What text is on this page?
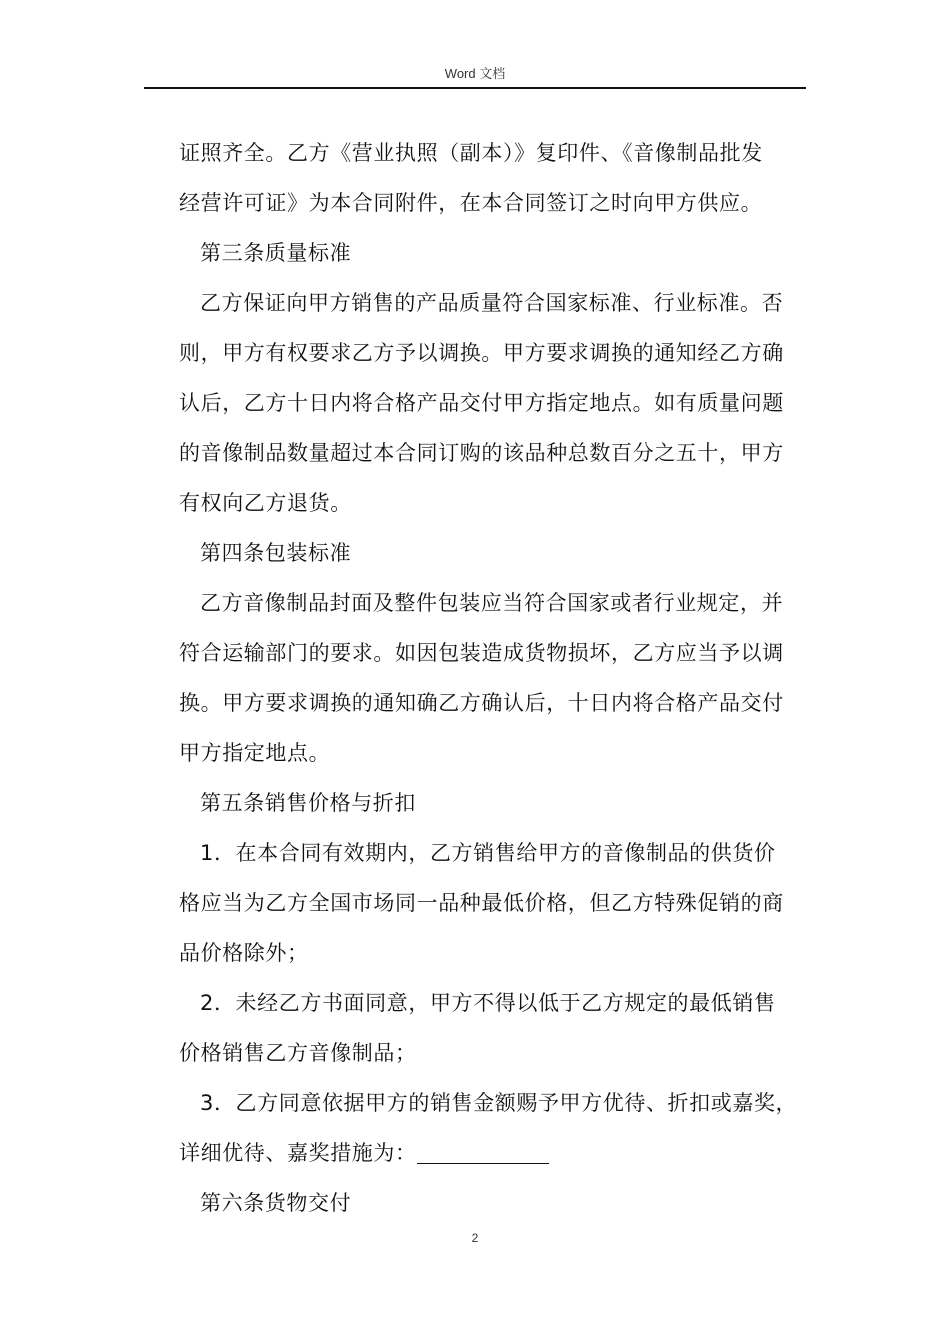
Word 文档

证照齐全。乙方《营业执照（副本）》复印件、《音像制品批发

经营许可证》为本合同附件，在本合同签订之时向甲方供应。

第三条质量标准

乙方保证向甲方销售的产品质量符合国家标准、行业标准。否

则，甲方有权要求乙方予以调换。甲方要求调换的通知经乙方确

认后，乙方十日内将合格产品交付甲方指定地点。如有质量问题

的音像制品数量超过本合同订购的该品种总数百分之五十，甲方

有权向乙方退货。

第四条包装标准

乙方音像制品封面及整件包装应当符合国家或者行业规定，并

符合运输部门的要求。如因包装造成货物损坏，乙方应当予以调

换。甲方要求调换的通知确乙方确认后，十日内将合格产品交付

甲方指定地点。

第五条销售价格与折扣

1．在本合同有效期内，乙方销售给甲方的音像制品的供货价

格应当为乙方全国市场同一品种最低价格，但乙方特殊促销的商

品价格除外；

2．未经乙方书面同意，甲方不得以低于乙方规定的最低销售

价格销售乙方音像制品；

3．乙方同意依据甲方的销售金额赐予甲方优待、折扣或嘉奖，

详细优待、嘉奖措施为：

第六条货物交付

2
